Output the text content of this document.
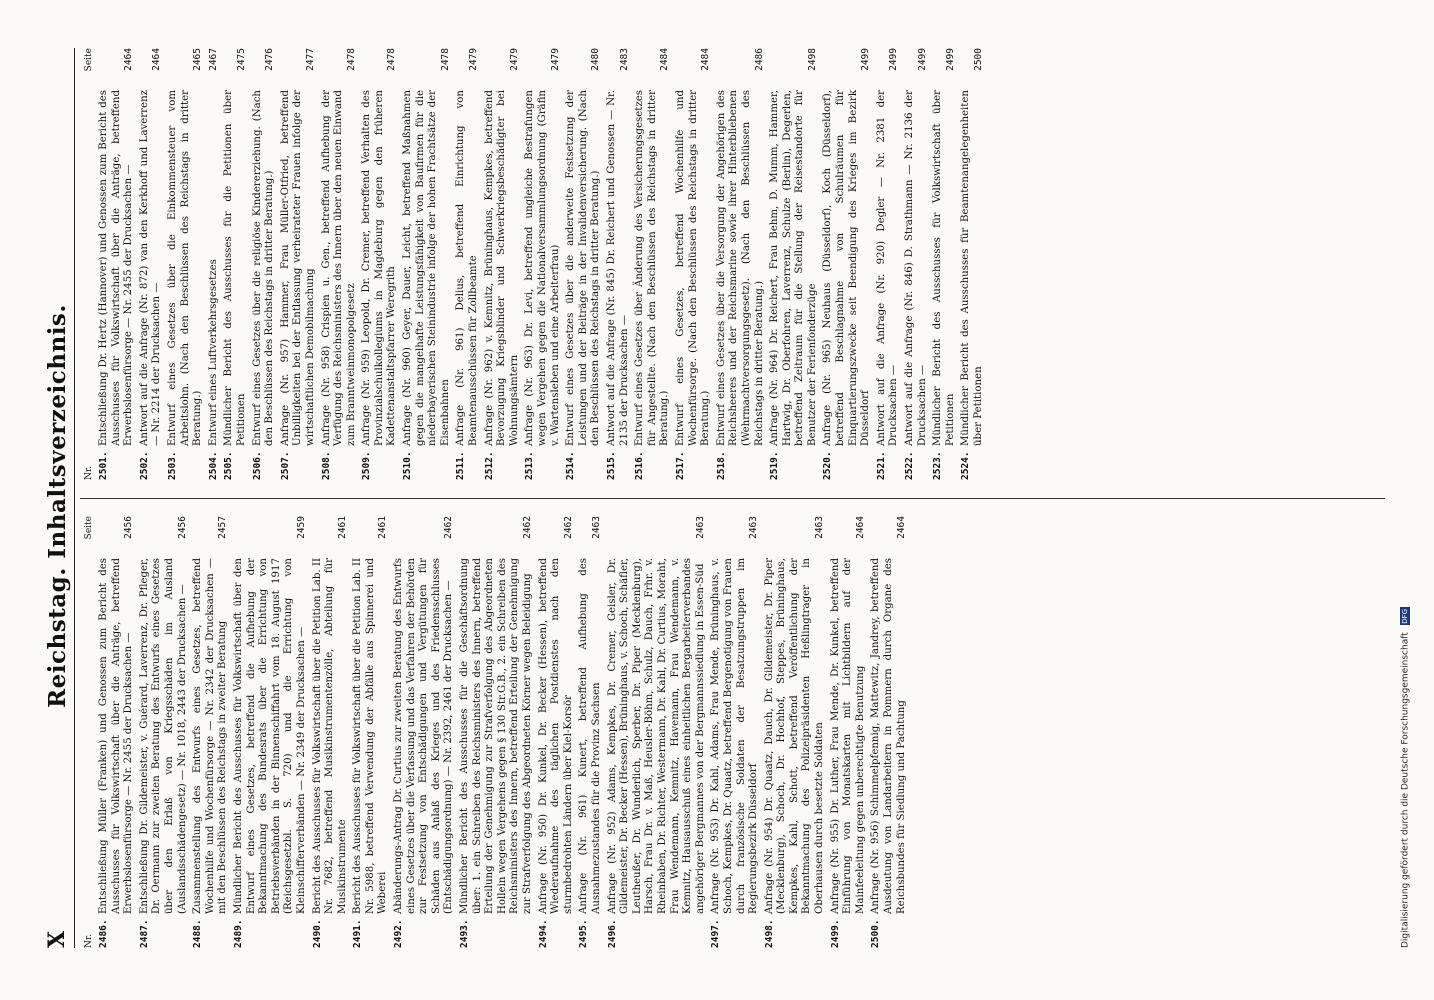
X
Reichstag. Inhaltsverzeichnis.
Nr.
Seite
2486.
Entschließung Müller (Franken) und Genossen zum Bericht des Ausschusses für Volkswirtschaft über die Anträge, betreffend Erwerbslosenfürsorge — Nr. 2455 der Drucksachen —
2456
2487.
Entschließung Dr. Gildemeister, v. Guérard, Laverrenz, Dr. Pfleger, Dr. Oermann zur zweiten Beratung des Entwurfs eines Gesetzes über den Erlaß von Kriegsschäden im Ausland (Auslandsschädengesetz) — Nr. 1018, 2443 der Drucksachen —
2456
2488.
Zusammenstellung des Entwurfs eines Gesetzes, betreffend Wochenhilfe und Wochenfürsorge — Nr. 2342 der Drucksachen — mit den Beschlüssen des Reichstags in zweiter Beratung
2457
2489.
Mündlicher Bericht des Ausschusses für Volkswirtschaft über den Entwurf eines Gesetzes, betreffend die Aufhebung der Bekanntmachung des Bundesrats über die Errichtung von Betriebsverbänden in der Binnenschiffahrt vom 18. August 1917 (Reichsgesetzbl. S. 720) und die Errichtung von Kleinschifferverbänden — Nr. 2349 der Drucksachen —
2459
2490.
Bericht des Ausschusses für Volkswirtschaft über die Petition Lab. II Nr. 7682, betreffend Musikinstrumentenzölle, Abteilung für Musikinstrumente
2461
2491.
Bericht des Ausschusses für Volkswirtschaft über die Petition Lab. II Nr. 5988, betreffend Verwendung der Abfälle aus Spinnerei und Weberei
2461
2492.
Abänderungs-Antrag Dr. Curtius zur zweiten Beratung des Entwurfs eines Gesetzes über die Verfassung und das Verfahren der Behörden zur Festsetzung von Entschädigungen und Vergütungen für Schäden aus Anlaß des Krieges und des Friedensschlusses (Entschädigungsordnung) — Nr. 2392, 2461 der Drucksachen —
2462
2493.
Mündlicher Bericht des Ausschusses für die Geschäftsordnung über: 1. ein Schreiben des Reichsministers des Innern, betreffend Erteilung der Genehmigung zur Strafverfolgung des Abgeordneten Hollein wegen Vergehens gegen § 130 Str.G.B., 2. ein Schreiben des Reichsministers des Innern, betreffend Erteilung der Genehmigung zur Strafverfolgung des Abgeordneten Körner wegen Beleidigung
2462
2494.
Anfrage (Nr. 950) Dr. Kunkel, Dr. Becker (Hessen), betreffend Wiederaufnahme des täglichen Postdienstes nach den sturmbedrohten Ländern über Kiel-Korsör
2462
2495.
Anfrage (Nr. 961) Kunert, betreffend Aufhebung des Ausnahmezustandes für die Provinz Sachsen
2463
2496.
Anfrage (Nr. 952) Adams, Kempkes, Dr. Cremer, Geisler, Dr. Gildemeister, Dr. Becker (Hessen), Brüninghaus, v. Schoch, Schäfler, Leutheußer, Dr. Wunderlich, Sperber, Dr. Piper (Mecklenburg), Harsch, Frau Dr. v. Maß, Heusler-Böhm, Schulz, Dauch, Frhr. v. Rheinbaben, Dr. Richter, Westermann, Dr. Kahl, Dr. Curtius, Moraht, Frau Wendemann, Kemnitz, Havemann, Frau Wendemann, v. Kemnitz, Hausausschuß eines einheitlichen Bergarbeiterverbandes angehöriger Bergmannes von der Bergmannssiedlung in Essen-Süd
2463
2497.
Anfrage (Nr. 953) Dr. Kahl, Adams, Frau Mende, Brüninghaus, v. Schoch, Kempkes, Dr. Quaatz, betreffend Bergenotigung von Frauen durch französische Soldaten der Besatzungstruppen im Regierungsbezirk Düsseldorf
2463
2498.
Anfrage (Nr. 954) Dr. Quaatz, Dauch, Dr. Gildemeister, Dr. Piper (Mecklenburg), Schoch, Dr. Hochhof, Steppes, Brüninghaus, Kempkes, Kahl, Schott, betreffend Veröffentlichung der Bekanntmachung des Polizeipräsidenten Heßlingtrager in Oberhausen durch besetzte Soldaten
2463
2499.
Anfrage (Nr. 955) Dr. Luther, Frau Mende, Dr. Kunkel, betreffend Einführung von Monatskarten mit Lichtbildern auf der Mainfeeleitung gegen unberechtigte Benutzung
2464
2500.
Anfrage (Nr. 956) Schimmelpfennig, Mattewitz, Jandrey, betreffend Ausdeutung von Landarbeitern in Pommern durch Organe des Reichsbundes für Siedlung und Pachtung
2464
Nr.
Seite
2501.
Entschließung Dr. Hertz (Hannover) und Genossen zum Bericht des Ausschusses für Volkswirtschaft über die Anträge, betreffend Erwerbslosenfürsorge — Nr. 2455 der Drucksachen —
2464
2502.
Antwort auf die Anfrage (Nr. 872) van den Kerkhoff und Laverrenz — Nr. 2214 der Drucksachen —
2464
2503.
Entwurf eines Gesetzes über die Einkommensteuer vom Arbeitslohn. (Nach den Beschlüssen des Reichstags in dritter Beratung.)
2465
2504.
Entwurf eines Luftverkehrsgesetzes
2467
2505.
Mündlicher Bericht des Ausschusses für die Petitionen über Petitionen
2475
2506.
Entwurf eines Gesetzes über die religiöse Kindererziehung. (Nach den Beschlüssen des Reichstags in dritter Beratung.)
2476
2507.
Anfrage (Nr. 957) Hammer, Frau Müller-Otfried, betreffend Unbilligkeiten bei der Entlassung verheirateter Frauen infolge der wirtschaftlichen Demobilmachung
2477
2508.
Anfrage (Nr. 958) Crispien u. Gen., betreffend Aufhebung der Verfügung des Reichsministers des Innern über den neuen Einwand zum Branntweinmonopolgesetz
2478
2509.
Anfrage (Nr. 959) Leopold, Dr. Cremer, betreffend Verhalten des Provinzialschulkollegiums in Magdeburg gegen den früheren Kadettenanstaltspfarrer Weregrith
2478
2510.
Anfrage (Nr. 960) Geyer, Dauer, Leicht, betreffend Maßnahmen gegen die mangelhafte Leistungsfähigkeit von Baufirmen für die niederbayerischen Steinindustrie infolge der hohen Frachtsätze der Eisenbahnen
2478
2511.
Anfrage (Nr. 961) Delius, betreffend Einrichtung von Beamtenausschüssen für Zollbeamte
2479
2512.
Anfrage (Nr. 962) v. Kemnitz, Brüninghaus, Kempkes, betreffend Bevorzugung Kriegsblinder und Schwerkriegsbeschädigter bei Wohnungsämtern
2479
2513.
Anfrage (Nr. 963) Dr. Levi, betreffend ungleiche Bestrafungen wegen Vergehen gegen die Nationalversammlungsordnung (Gräfin v. Wartensleben und eine Arbeiterfrau)
2479
2514.
Entwurf eines Gesetzes über die anderweite Festsetzung der Leistungen und der Beiträge in der Invalidenversicherung. (Nach den Beschlüssen des Reichstags in dritter Beratung.)
2480
2515.
Antwort auf die Anfrage (Nr. 845) Dr. Reichert und Genossen — Nr. 2135 der Drucksachen —
2483
2516.
Entwurf eines Gesetzes über Änderung des Versicherungsgesetzes für Angestellte. (Nach den Beschlüssen des Reichstags in dritter Beratung.)
2484
2517.
Entwurf eines Gesetzes, betreffend Wochenhilfe und Wochenfürsorge. (Nach den Beschlüssen des Reichstags in dritter Beratung.)
2484
2518.
Entwurf eines Gesetzes über die Versorgung der Angehörigen des Reichsheeres und der Reichsmarine sowie ihrer Hinterbliebenen (Wehrmachtversorgungsgesetz). (Nach den Beschlüssen des Reichstags in dritter Beratung.)
2486
2519.
Anfrage (Nr. 964) Dr. Reichert, Frau Behm, D. Mumm, Hammer, Hartwig, Dr. Oberfohren, Laverrenz, Schulze (Berlin), Degerlen, betreffend Zeitraum für die Stellung der Reisestandorte für Benutzer der Ferienfonderzüge
2498
2520.
Anfrage (Nr. 965) Neuhaus (Düsseldorf), Koch (Düsseldorf), betreffend Beschlagnahme von Schulräumen für Einquartierungszwecke seit Beendigung des Krieges im Bezirk Düsseldorf
2499
2521.
Antwort auf die Anfrage (Nr. 920) Degler — Nr. 2381 der Drucksachen —
2499
2522.
Antwort auf die Anfrage (Nr. 846) D. Strathmann — Nr. 2136 der Drucksachen —
2499
2523.
Mündlicher Bericht des Ausschusses für Volkswirtschaft über Petitionen
2499
2524.
Mündlicher Bericht des Ausschusses für Beamtenangelegenheiten über Petitionen
2500
Digitalisierung gefördert durch die Deutsche Forschungsgemeinschaft DFG
